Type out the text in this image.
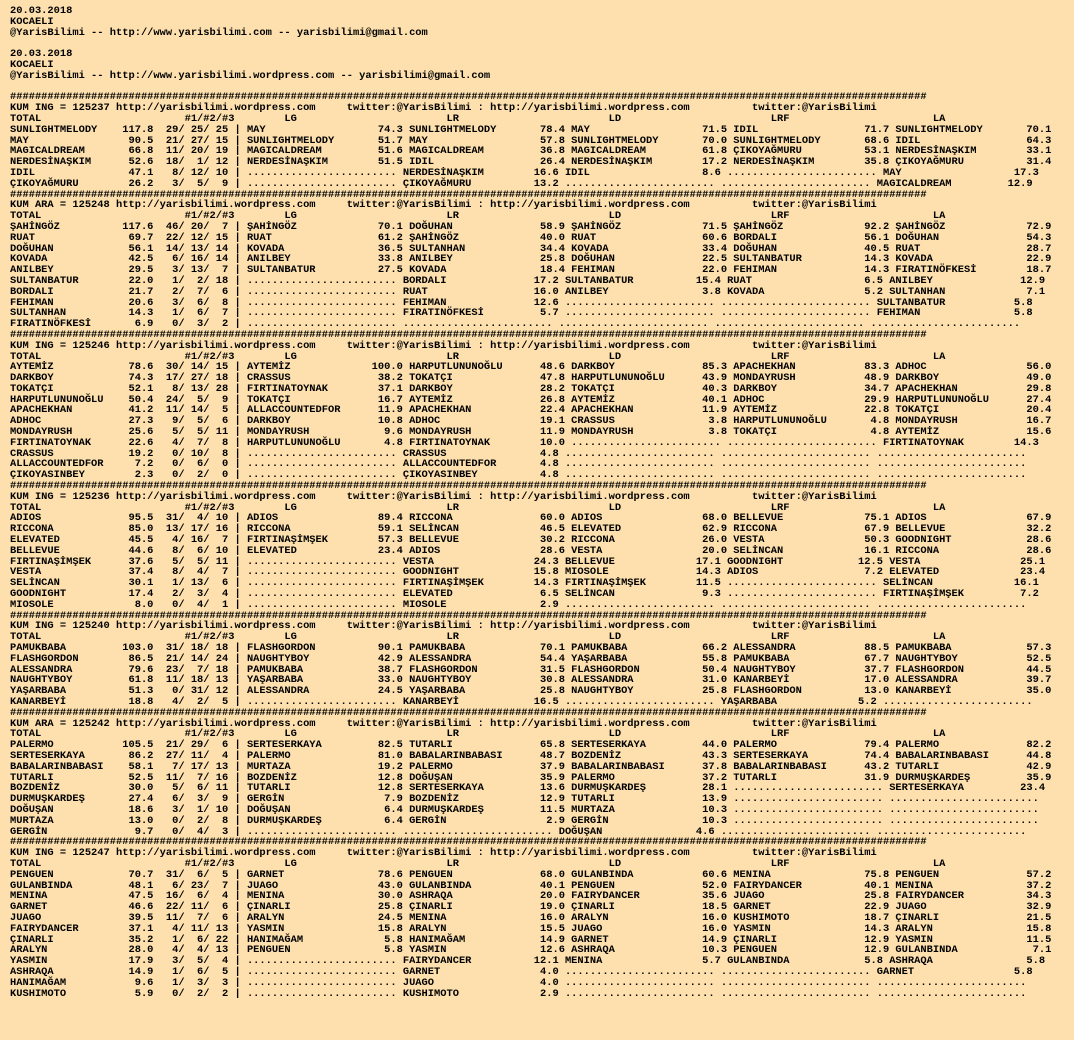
20.03.2018
KOCAELI
@YarisBilimi -- http://www.yarisbilimi.com -- yarisbilimi@gmail.com

20.03.2018
KOCAELI
@YarisBilimi -- http://www.yarisbilimi.wordpress.com -- yarisbilimi@gmail.com

###################################################################################################################################################
KUM ING = 125237 http://yarisbilimi.wordpress.com     twitter:@YarisBilimi : http://yarisbilimi.wordpress.com          twitter:@YarisBilimi
TOTAL                       #1/#2/#3        LG                        LR                        LD                        LRF                       LA
SUNLIGHTMELODY    117.8  29/ 25/ 25 | MAY                  74.3 SUNLIGHTMELODY       78.4 MAY                  71.5 IDIL                 71.7 SUNLIGHTMELODY       70.1
MAY                90.5  21/ 27/ 15 | SUNLIGHTMELODY       51.7 MAY                  57.8 SUNLIGHTMELODY       70.0 SUNLIGHTMELODY       68.6 IDIL                 64.3
MAGICALDREAM       66.8  11/ 20/ 19 | MAGICALDREAM         51.6 MAGICALDREAM         36.8 MAGICALDREAM         61.8 ÇIKOYAĞMURU          53.1 NERDESİNAŞKIM        33.1
NERDESİNAŞKIM      52.6  18/  1/ 12 | NERDESİNAŞKIM        51.5 IDIL                 26.4 NERDESİNAŞKIM        17.2 NERDESİNAŞKIM        35.8 ÇIKOYAĞMURU          31.4
IDIL               47.1   8/ 12/ 10 | ........................ NERDESİNAŞKIM        16.6 IDIL                  8.6 ........................ MAY                  17.3
ÇIKOYAĞMURU        26.2   3/  5/  9 | ........................ ÇIKOYAĞMURU          13.2 ........................ ........................ MAGICALDREAM         12.9
###################################################################################################################################################
KUM ARA = 125248 http://yarisbilimi.wordpress.com     twitter:@YarisBilimi : http://yarisbilimi.wordpress.com          twitter:@YarisBilimi
TOTAL                       #1/#2/#3        LG                        LR                        LD                        LRF                       LA
ŞAHİNGÖZ          117.6  46/ 20/  7 | ŞAHİNGÖZ             70.1 DOĞUHAN              58.9 ŞAHİNGÖZ             71.5 ŞAHİNGÖZ             92.2 ŞAHİNGÖZ             72.9
RUAT               69.7  22/ 12/ 15 | RUAT                 61.2 ŞAHİNGÖZ             40.0 RUAT                 60.6 BORDALI              56.1 DOĞUHAN              54.3
DOĞUHAN            56.1  14/ 13/ 14 | KOVADA               36.5 SULTANHAN            34.4 KOVADA               33.4 DOĞUHAN              40.5 RUAT                 28.7
KOVADA             42.5   6/ 16/ 14 | ANILBEY              33.8 ANILBEY              25.8 DOĞUHAN              22.5 SULTANBATUR          14.3 KOVADA               22.9
ANILBEY            29.5   3/ 13/  7 | SULTANBATUR          27.5 KOVADA               18.4 FEHIMAN              22.0 FEHIMAN              14.3 FIRATINÖFKESİ        18.7
SULTANBATUR        22.0   1/  2/ 18 | ........................ BORDALI              17.2 SULTANBATUR          15.4 RUAT                  6.5 ANILBEY              12.9
BORDALI            21.7   2/  7/  6 | ........................ RUAT                 16.0 ANILBEY               3.8 KOVADA                5.2 SULTANHAN             7.1
FEHIMAN            20.6   3/  6/  8 | ........................ FEHIMAN              12.6 ........................ ........................ SULTANBATUR           5.8
SULTANHAN          14.3   1/  6/  7 | ........................ FIRATINÖFKESİ         5.7 ........................ ........................ FEHIMAN               5.8
FIRATINÖFKESİ       6.9   0/  3/  2 | ........................ ........................ ........................ ........................ ........................
###################################################################################################################################################
KUM ING = 125246 http://yarisbilimi.wordpress.com     twitter:@YarisBilimi : http://yarisbilimi.wordpress.com          twitter:@YarisBilimi
TOTAL                       #1/#2/#3        LG                        LR                        LD                        LRF                       LA
AYTEMİZ            78.6  30/ 14/ 15 | AYTEMİZ             100.0 HARPUTLUNUNOĞLU      48.6 DARKBOY              85.3 APACHEKHAN           83.3 ADHOC                56.0
DARKBOY            74.3  17/ 27/ 18 | CRASSUS              38.2 TOKATÇI              47.8 HARPUTLUNUNOĞLU      43.9 MONDAYRUSH           48.9 DARKBOY              49.0
TOKATÇI            52.1   8/ 13/ 28 | FIRTINATOYNAK        37.1 DARKBOY              28.2 TOKATÇI              40.3 DARKBOY              34.7 APACHEKHAN           29.8
HARPUTLUNUNOĞLU    50.4  24/  5/  9 | TOKATÇI              16.7 AYTEMİZ              26.8 AYTEMİZ              40.1 ADHOC                29.9 HARPUTLUNUNOĞLU      27.4
APACHEKHAN         41.2  11/ 14/  5 | ALLACCOUNTEDFOR      11.9 APACHEKHAN           22.4 APACHEKHAN           11.9 AYTEMİZ              22.8 TOKATÇI              20.4
ADHOC              27.3   9/  5/  6 | DARKBOY              10.8 ADHOC                19.1 CRASSUS               3.8 HARPUTLUNUNOĞLU       4.8 MONDAYRUSH           16.7
MONDAYRUSH         25.6   5/  5/ 11 | MONDAYRUSH            9.6 MONDAYRUSH           11.9 MONDAYRUSH            3.8 TOKATÇI               4.8 AYTEMİZ              15.6
FIRTINATOYNAK      22.6   4/  7/  8 | HARPUTLUNUNOĞLU       4.8 FIRTINATOYNAK        10.0 ........................ ........................ FIRTINATOYNAK        14.3
CRASSUS            19.2   0/ 10/  8 | ........................ CRASSUS               4.8 ........................ ........................ ........................
ALLACCOUNTEDFOR     7.2   0/  6/  0 | ........................ ALLACCOUNTEDFOR       4.8 ........................ ........................ ........................
ÇIKOYASINBEY        2.3   0/  2/  0 | ........................ ÇIKOYASINBEY          4.8 ........................ ........................ ........................
###################################################################################################################################################
KUM ING = 125236 http://yarisbilimi.wordpress.com     twitter:@YarisBilimi : http://yarisbilimi.wordpress.com          twitter:@YarisBilimi
TOTAL                       #1/#2/#3        LG                        LR                        LD                        LRF                       LA
ADIOS              95.5  31/  4/ 10 | ADIOS                89.4 RICCONA              60.0 ADIOS                68.0 BELLEVUE             75.1 ADIOS                67.9
RICCONA            85.0  13/ 17/ 16 | RICCONA              59.1 SELİNCAN             46.5 ELEVATED             62.9 RICCONA              67.9 BELLEVUE             32.2
ELEVATED           45.5   4/ 16/  7 | FIRTINAŞİMŞEK        57.3 BELLEVUE             30.2 RICCONA              26.0 VESTA                50.3 GOODNIGHT            28.6
BELLEVUE           44.6   8/  6/ 10 | ELEVATED             23.4 ADIOS                28.6 VESTA                20.0 SELİNCAN             16.1 RICCONA              28.6
FIRTINAŞİMŞEK      37.6   5/  5/ 11 | ........................ VESTA                24.3 BELLEVUE             17.1 GOODNIGHT            12.5 VESTA                25.1
VESTA              37.4   8/  4/  7 | ........................ GOODNIGHT            15.8 MIOSOLE              14.3 ADIOS                 7.2 ELEVATED             23.4
SELİNCAN           30.1   1/ 13/  6 | ........................ FIRTINAŞİMŞEK        14.3 FIRTINAŞİMŞEK        11.5 ........................ SELİNCAN             16.1
GOODNIGHT          17.4   2/  3/  4 | ........................ ELEVATED              6.5 SELİNCAN              9.3 ........................ FIRTINAŞİMŞEK         7.2
MIOSOLE             8.0   0/  4/  1 | ........................ MIOSOLE               2.9 ........................ ........................ ........................
###################################################################################################################################################
KUM ING = 125240 http://yarisbilimi.wordpress.com     twitter:@YarisBilimi : http://yarisbilimi.wordpress.com          twitter:@YarisBilimi
TOTAL                       #1/#2/#3        LG                        LR                        LD                        LRF                       LA
PAMUKBABA         103.0  31/ 18/ 18 | FLASHGORDON          90.1 PAMUKBABA            70.1 PAMUKBABA            66.2 ALESSANDRA           88.5 PAMUKBABA            57.3
FLASHGORDON        86.5  21/ 14/ 24 | NAUGHTYBOY           42.9 ALESSANDRA           54.4 YAŞARBABA            55.8 PAMUKBABA            67.7 NAUGHTYBOY           52.5
ALESSANDRA         79.6  23/  7/ 18 | PAMUKBABA            38.7 FLASHGORDON          31.5 FLASHGORDON          50.4 NAUGHTYBOY           37.7 FLASHGORDON          44.5
NAUGHTYBOY         61.8  11/ 18/ 13 | YAŞARBABA            33.0 NAUGHTYBOY           30.8 ALESSANDRA           31.0 KANARBEYİ            17.0 ALESSANDRA           39.7
YAŞARBABA          51.3   0/ 31/ 12 | ALESSANDRA           24.5 YAŞARBABA            25.8 NAUGHTYBOY           25.8 FLASHGORDON          13.0 KANARBEYİ            35.0
KANARBEYİ          18.8   4/  2/  5 | ........................ KANARBEYİ            16.5 ........................ YAŞARBABA             5.2 ........................
###################################################################################################################################################
KUM ARA = 125242 http://yarisbilimi.wordpress.com     twitter:@YarisBilimi : http://yarisbilimi.wordpress.com          twitter:@YarisBilimi
TOTAL                       #1/#2/#3        LG                        LR                        LD                        LRF                       LA
PALERMO           105.5  21/ 29/  6 | SERTESERKAYA         82.5 TUTARLI              65.8 SERTESERKAYA         44.0 PALERMO              79.4 PALERMO              82.2
SERTESERKAYA       86.2  27/ 11/  4 | PALERMO              81.0 BABALARINBABASI      48.7 BOZDENİZ             43.3 SERTESERKAYA         74.4 BABALARINBABASI      44.8
BABALARINBABASI    58.1   7/ 17/ 13 | MURTAZA              19.2 PALERMO              37.9 BABALARINBABASI      37.8 BABALARINBABASI      43.2 TUTARLI              42.9
TUTARLI            52.5  11/  7/ 16 | BOZDENİZ             12.8 DOĞUŞAN              35.9 PALERMO              37.2 TUTARLI              31.9 DURMUŞKARDEŞ         35.9
BOZDENİZ           30.0   5/  6/ 11 | TUTARLI              12.8 SERTESERKAYA         13.6 DURMUŞKARDEŞ         28.1 ........................ SERTESERKAYA         23.4
DURMUŞKARDEŞ       27.4   6/  3/  9 | GERGİN                7.9 BOZDENİZ             12.9 TUTARLI              13.9 ........................ ........................
DOĞUŞAN            18.6   3/  1/ 10 | DOĞUŞAN               6.4 DURMUŞKARDEŞ         11.5 MURTAZA              10.3 ........................ ........................
MURTAZA            13.0   0/  2/  8 | DURMUŞKARDEŞ          6.4 GERGİN                2.9 GERGİN               10.3 ........................ ........................
GERGİN              9.7   0/  4/  3 | ........................ ........................ DOĞUŞAN               4.6 ........................ ........................
###################################################################################################################################################
KUM ING = 125247 http://yarisbilimi.wordpress.com     twitter:@YarisBilimi : http://yarisbilimi.wordpress.com          twitter:@YarisBilimi
TOTAL                       #1/#2/#3        LG                        LR                        LD                        LRF                       LA
PENGUEN            70.7  31/  6/  5 | GARNET               78.6 PENGUEN              68.0 GULANBINDA           60.6 MENINA               75.8 PENGUEN              57.2
GULANBINDA         48.1   6/ 23/  7 | JUAGO                43.0 GULANBINDA           40.1 PENGUEN              52.0 FAIRYDANCER          40.1 MENINA               37.2
MENINA             47.5  16/  6/  4 | MENINA               30.0 ASHRAQA              20.0 FAIRYDANCER          35.6 JUAGO                25.8 FAIRYDANCER          34.3
GARNET             46.6  22/ 11/  6 | ÇINARLI              25.8 ÇINARLI              19.0 ÇINARLI              18.5 GARNET               22.9 JUAGO                32.9
JUAGO              39.5  11/  7/  6 | ARALYN               24.5 MENINA               16.0 ARALYN               16.0 KUSHIMOTO            18.7 ÇINARLI              21.5
FAIRYDANCER        37.1   4/ 11/ 13 | YASMIN               15.8 ARALYN               15.5 JUAGO                16.0 YASMIN               14.3 ARALYN               15.8
ÇINARLI            35.2   1/  6/ 22 | HANIMAĞAM             5.8 HANIMAĞAM            14.9 GARNET               14.9 ÇINARLI              12.9 YASMIN               11.5
ARALYN             28.0   4/  4/ 13 | PENGUEN               5.8 YASMIN               12.6 ASHRAQA              10.3 PENGUEN              12.9 GULANBINDA            7.1
YASMIN             17.9   3/  5/  4 | ........................ FAIRYDANCER          12.1 MENINA                5.7 GULANBINDA            5.8 ASHRAQA               5.8
ASHRAQA            14.9   1/  6/  5 | ........................ GARNET                4.0 ........................ ........................ GARNET                5.8
HANIMAĞAM           9.6   1/  3/  3 | ........................ JUAGO                 4.0 ........................ ........................ ........................
KUSHIMOTO           5.9   0/  2/  2 | ........................ KUSHIMOTO             2.9 ........................ ........................ ........................
